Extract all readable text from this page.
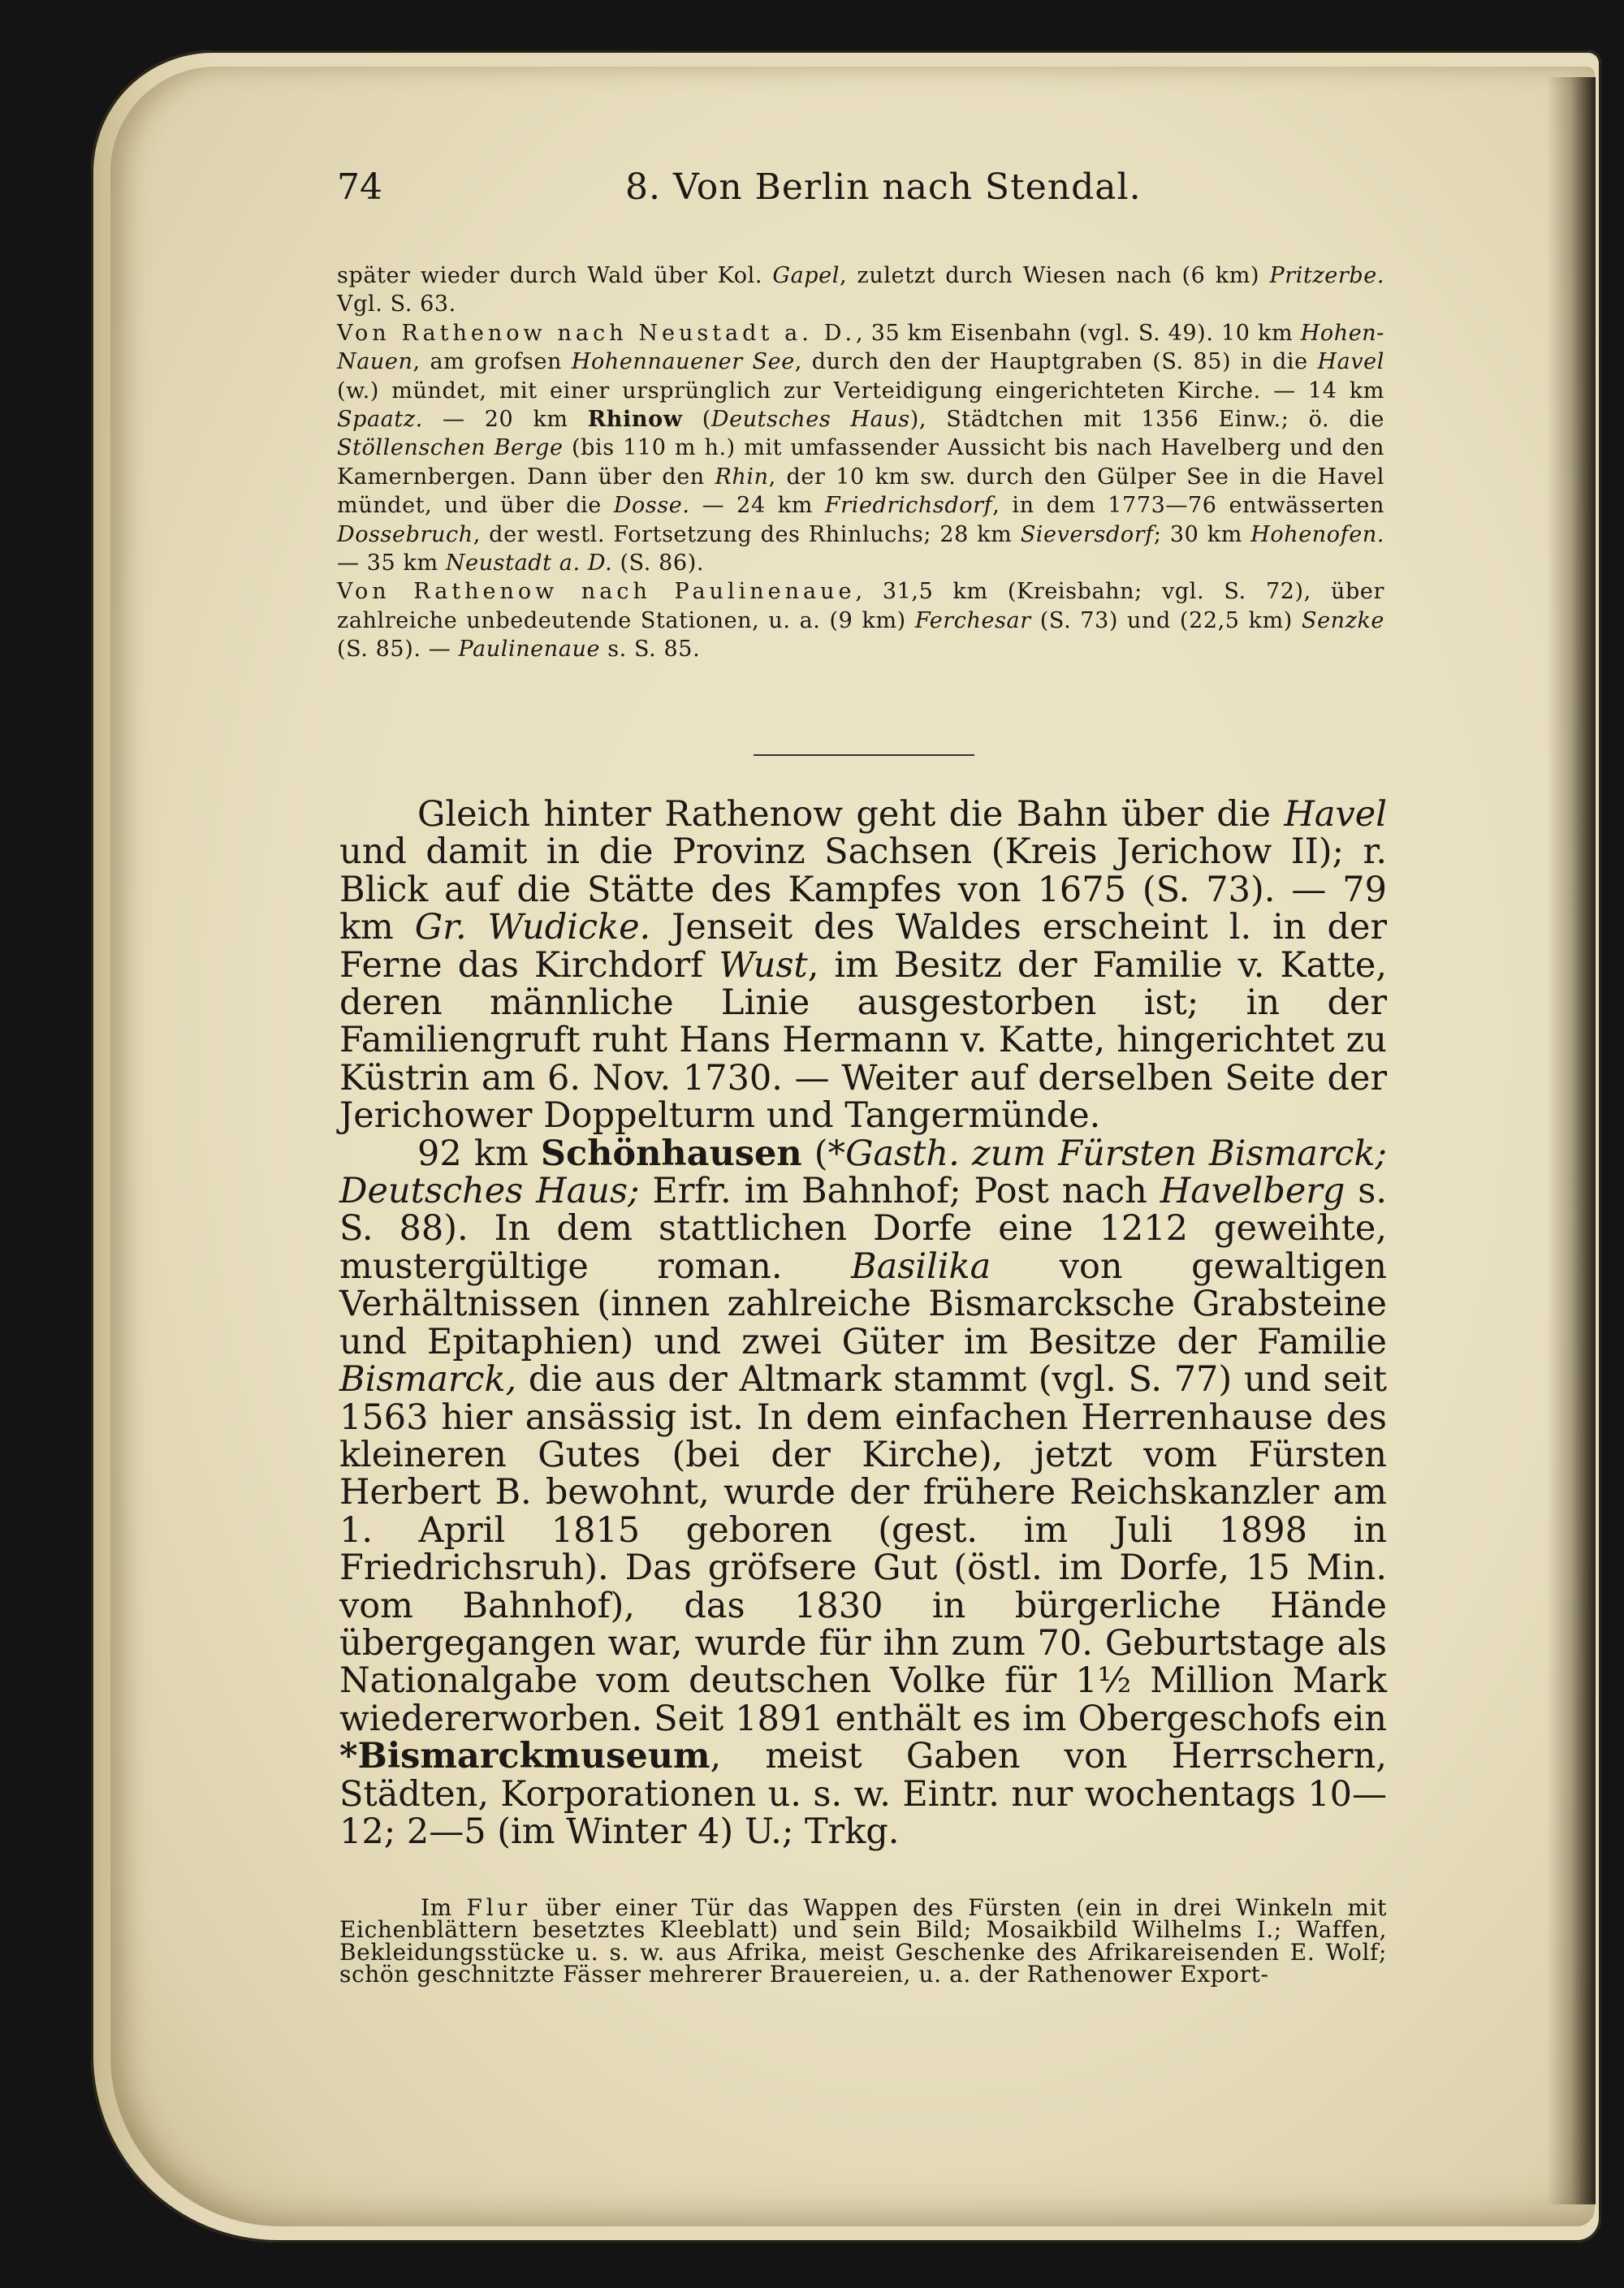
74	8. Von Berlin nach Stendal.

später wieder durch Wald über Kol. Gapel, zuletzt durch Wiesen nach (6 km) Pritzerbe. Vgl. S. 63.

Von Rathenow nach Neustadt a. D., 35 km Eisenbahn (vgl. S. 49). 10 km Hohen-Nauen, am grofsen Hohennauener See, durch den der Hauptgraben (S. 85) in die Havel (w.) mündet, mit einer ursprünglich zur Verteidigung eingerichteten Kirche. — 14 km Spaatz. — 20 km Rhinow (Deutsches Haus), Städtchen mit 1356 Einw.; ö. die Stöllenschen Berge (bis 110 m h.) mit umfassender Aussicht bis nach Havelberg und den Kamernbergen. Dann über den Rhin, der 10 km sw. durch den Gülper See in die Havel mündet, und über die Dosse. — 24 km Friedrichsdorf, in dem 1773—76 entwässerten Dossebruch, der westl. Fortsetzung des Rhinluchs; 28 km Sieversdorf; 30 km Hohenofen. — 35 km Neustadt a. D. (S. 86).

Von Rathenow nach Paulinenaue, 31,5 km (Kreisbahn; vgl. S. 72), über zahlreiche unbedeutende Stationen, u. a. (9 km) Ferchesar (S. 73) und (22,5 km) Senzke (S. 85). — Paulinenaue s. S. 85.

Gleich hinter Rathenow geht die Bahn über die Havel und damit in die Provinz Sachsen (Kreis Jerichow II); r. Blick auf die Stätte des Kampfes von 1675 (S. 73). — 79 km Gr. Wudicke. Jenseit des Waldes erscheint l. in der Ferne das Kirchdorf Wust, im Besitz der Familie v. Katte, deren männliche Linie ausgestorben ist; in der Familiengruft ruht Hans Hermann v. Katte, hingerichtet zu Küstrin am 6. Nov. 1730. — Weiter auf derselben Seite der Jerichower Doppelturm und Tangermünde.

92 km Schönhausen (*Gasth. zum Fürsten Bismarck; Deutsches Haus; Erfr. im Bahnhof; Post nach Havelberg s. S. 88). In dem stattlichen Dorfe eine 1212 geweihte, mustergültige roman. Basilika von gewaltigen Verhältnissen (innen zahlreiche Bismarcksche Grabsteine und Epitaphien) und zwei Güter im Besitze der Familie Bismarck, die aus der Altmark stammt (vgl. S. 77) und seit 1563 hier ansässig ist. In dem einfachen Herrenhause des kleineren Gutes (bei der Kirche), jetzt vom Fürsten Herbert B. bewohnt, wurde der frühere Reichskanzler am 1. April 1815 geboren (gest. im Juli 1898 in Friedrichsruh). Das gröfsere Gut (östl. im Dorfe, 15 Min. vom Bahnhof), das 1830 in bürgerliche Hände übergegangen war, wurde für ihn zum 70. Geburtstage als Nationalgabe vom deutschen Volke für 1½ Million Mark wiedererworben. Seit 1891 enthält es im Obergeschofs ein *Bismarckmuseum, meist Gaben von Herrschern, Städten, Korporationen u. s. w. Eintr. nur wochentags 10—12; 2—5 (im Winter 4) U.; Trkg.

Im Flur über einer Tür das Wappen des Fürsten (ein in drei Winkeln mit Eichenblättern besetztes Kleeblatt) und sein Bild; Mosaikbild Wilhelms I.; Waffen, Bekleidungsstücke u. s. w. aus Afrika, meist Geschenke des Afrikareisenden E. Wolf; schön geschnitzte Fässer mehrerer Brauereien, u. a. der Rathenower Export-
